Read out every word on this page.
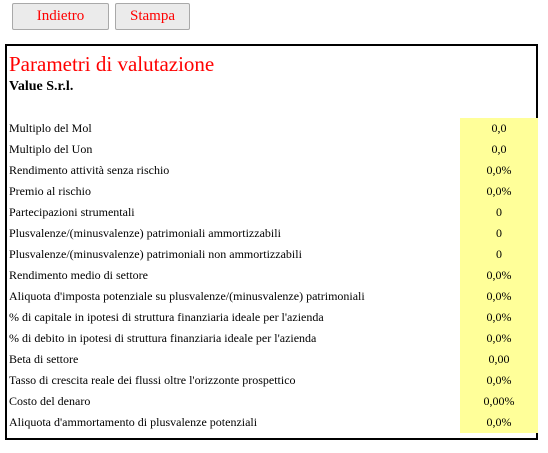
Indietro	Stampa
Parametri di valutazione
Value S.r.l.
Multiplo del Mol	0,0
Multiplo del Uon	0,0
Rendimento attività senza rischio	0,0%
Premio al rischio	0,0%
Partecipazioni strumentali	0
Plusvalenze/(minusvalenze) patrimoniali ammortizzabili	0
Plusvalenze/(minusvalenze) patrimoniali non ammortizzabili	0
Rendimento medio di settore	0,0%
Aliquota d'imposta potenziale su plusvalenze/(minusvalenze) patrimoniali	0,0%
% di capitale in ipotesi di struttura finanziaria ideale per l'azienda	0,0%
% di debito in ipotesi di struttura finanziaria ideale per l'azienda	0,0%
Beta di settore	0,00
Tasso di crescita reale dei flussi oltre l'orizzonte prospettico	0,0%
Costo del denaro	0,00%
Aliquota d'ammortamento di plusvalenze potenziali	0,0%
